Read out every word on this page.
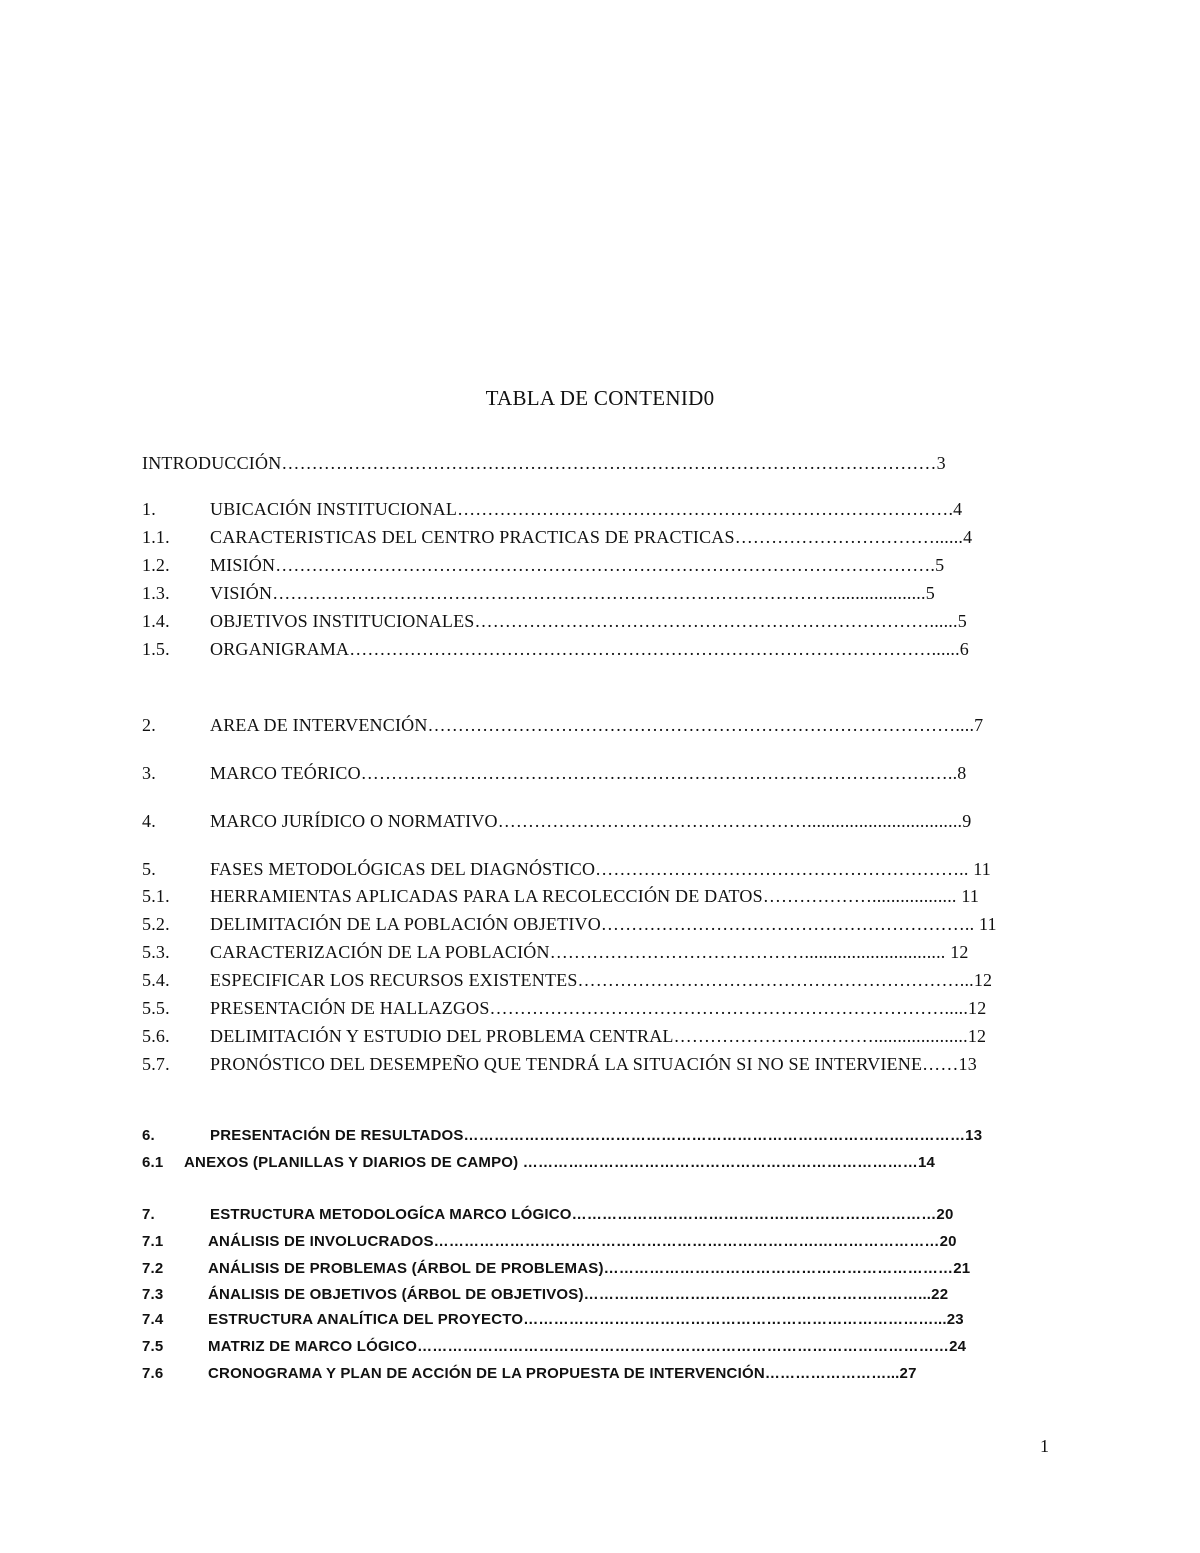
TABLA DE CONTENID0
INTRODUCCIÓN………………………………………………………………………………………………3
1.	UBICACIÓN INSTITUCIONAL……………………………………………………………………….4
1.1. CARACTERISTICAS DEL CENTRO PRACTICAS DE PRACTICAS……………………………......4
1.2. MISIÓN……………………………………………………………………………………………….5
1.3. VISIÓN…………………………………………………………………………………...................5
1.4. OBJETIVOS INSTITUCIONALES…………………………………………………………………......5
1.5. ORGANIGRAMA……………………………………………………………………………………......6
2.	AREA DE INTERVENCIÓN……………………………………………………………………………....7
3.	MARCO TEÓRICO………………………………………………………………………………….…..8
4.	MARCO JURÍDICO O NORMATIVO…………………………………………….................................9
5.	FASES METODOLÓGICAS DEL DIAGNÓSTICO…………………………………………………….. 11
5.1. HERRAMIENTAS APLICADAS PARA LA RECOLECCIÓN DE DATOS……………….................. 11
5.2. DELIMITACIÓN DE LA POBLACIÓN OBJETIVO…………………………………………………….. 11
5.3. CARACTERIZACIÓN DE LA POBLACIÓN…………………………………….............................. 12
5.4. ESPECIFICAR LOS RECURSOS EXISTENTES………………………………………………………...12
5.5. PRESENTACIÓN DE HALLAZGOS………………………………………………………………….....12
5.6. DELIMITACIÓN Y ESTUDIO DEL PROBLEMA CENTRAL……………………………....................12
5.7. PRONÓSTICO DEL DESEMPEÑO QUE TENDRÁ LA SITUACIÓN SI NO SE INTERVIENE……13
6.	PRESENTACIÓN DE RESULTADOS………………………………………………………………………………………13
6.1 ANEXOS (PLANILLAS Y DIARIOS DE CAMPO) ……………………………………………………………………14
7.	ESTRUCTURA METODOLOGÍCA MARCO LÓGICO………………………………………………………………20
7.1	ANÁLISIS DE INVOLUCRADOS………………………………………………………………….……………………20
7.2	ANÁLISIS DE PROBLEMAS (ÁRBOL DE PROBLEMAS)……………………………………………………………21
7.3	ÁNALISIS DE OBJETIVOS (ÁRBOL DE OBJETIVOS)…………………………………………………………...22
7.4	ESTRUCTURA ANALÍTICA DEL PROYECTO………………………………………………………………………...23
7.5	MATRIZ DE MARCO LÓGICO……………………………………………………………………………………………24
7.6	CRONOGRAMA Y PLAN DE ACCIÓN DE LA PROPUESTA DE INTERVENCIÓN……………………...27
1
